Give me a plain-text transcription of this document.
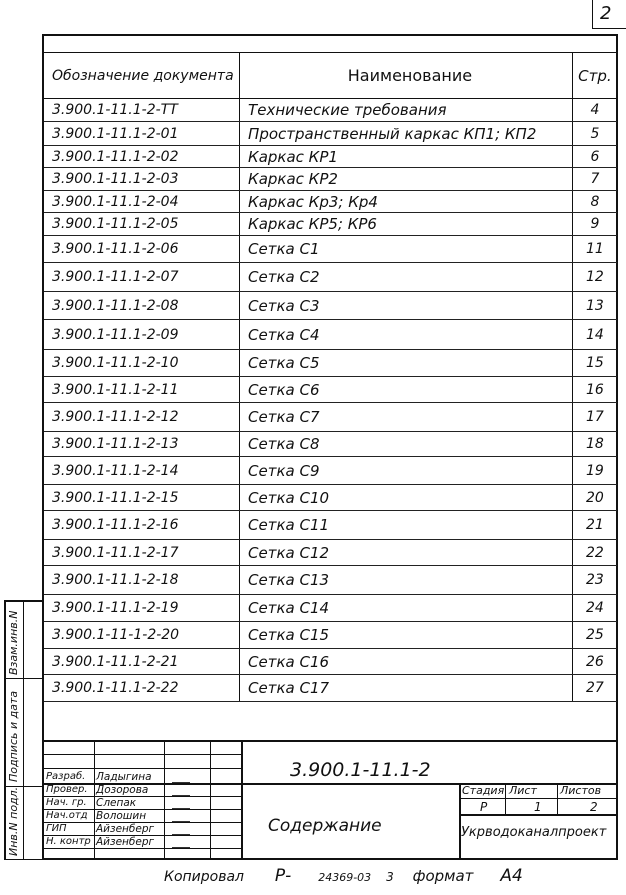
2
Обозначение документа	Наименование	Стр.
3.900.1-11.1-2-ТТ	Технические требования	4
3.900.1-11.1-2-01	Пространственный каркас КП1; КП2	5
3.900.1-11.1-2-02	Каркас КР1	6
3.900.1-11.1-2-03	Каркас КР2	7
3.900.1-11.1-2-04	Каркас Кр3; Кр4	8
3.900.1-11.1-2-05	Каркас КР5; КР6	9
3.900.1-11.1-2-06	Сетка С1	11
3.900.1-11.1-2-07	Сетка С2	12
3.900.1-11.1-2-08	Сетка С3	13
3.900.1-11.1-2-09	Сетка С4	14
3.900.1-11.1-2-10	Сетка С5	15
3.900.1-11.1-2-11	Сетка С6	16
3.900.1-11.1-2-12	Сетка С7	17
3.900.1-11.1-2-13	Сетка С8	18
3.900.1-11.1-2-14	Сетка С9	19
3.900.1-11.1-2-15	Сетка С10	20
3.900.1-11.1-2-16	Сетка С11	21
3.900.1-11.1-2-17	Сетка С12	22
3.900.1-11.1-2-18	Сетка С13	23
3.900.1-11.1-2-19	Сетка С14	24
3.900.1-11-1-2-20	Сетка С15	25
3.900.1-11.1-2-21	Сетка С16	26
3.900.1-11.1-2-22	Сетка С17	27
Разраб. Ладыгина
Провер. Дозорова
Нач. гр. Слепак
Нач.отд Волошин
ГИП	Айзенберг
Н. контр Айзенберг
3.900.1-11.1-2
Содержание	Укрводоканалпроект
Стадия Лист Листов
Р	1	2
Инв.N подл.
Подпись и дата
Взам.инв.N
Копировал Р- 24369-03 3 формат А4
